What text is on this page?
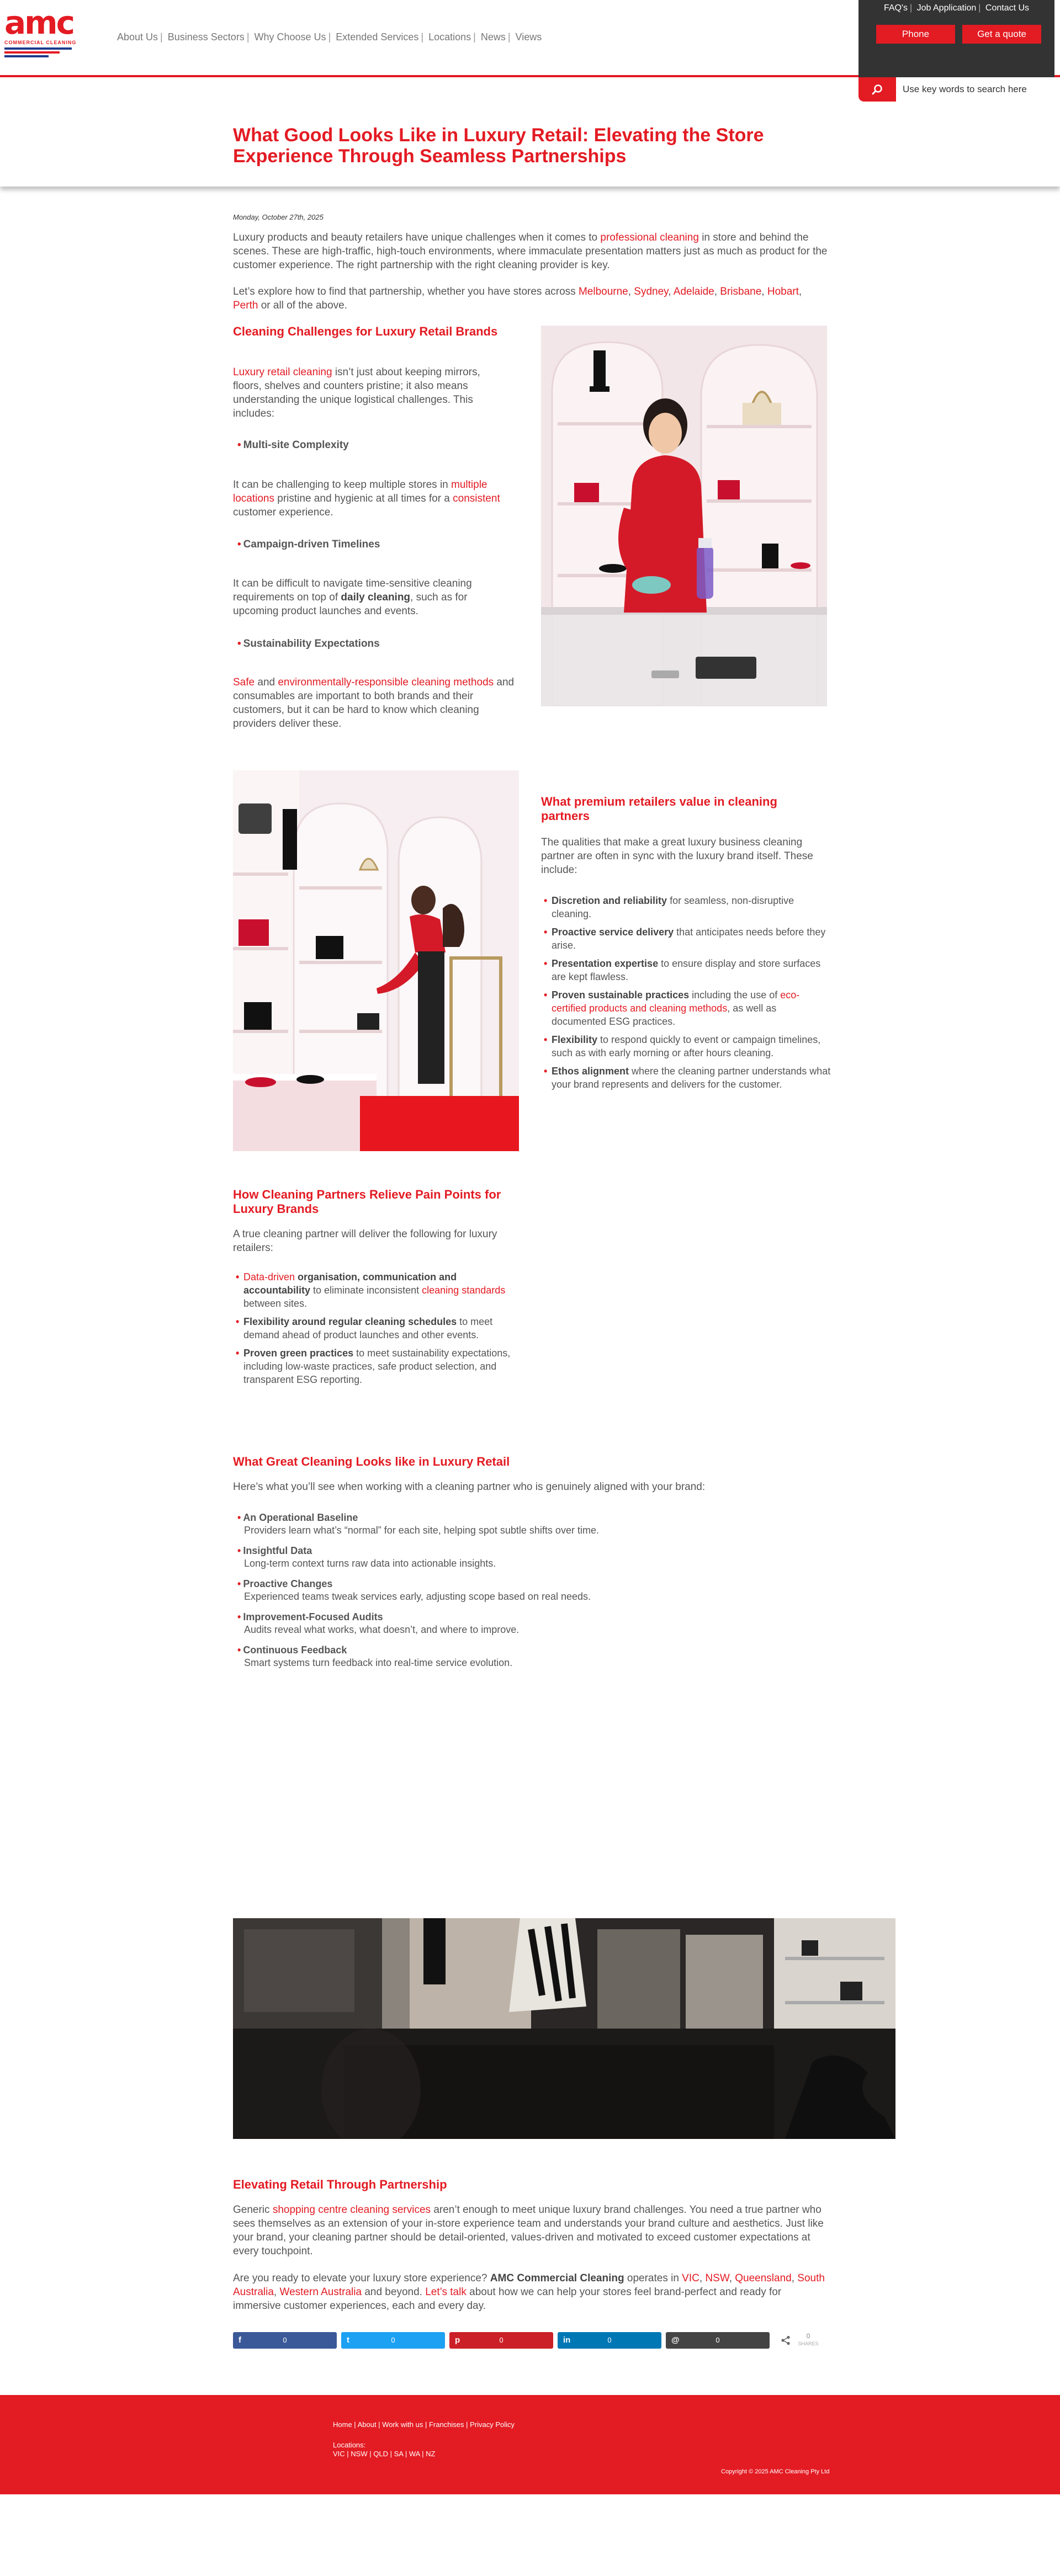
amc
COMMERCIAL CLEANING	About Us | Business Sectors | Why Choose Us | Extended Services | Locations | News | Views
FAQ's | Job Application | Contact Us
Phone	Get a quote
What Good Looks Like in Luxury Retail: Elevating the Store Experience Through Seamless Partnerships
Use key words to search here
Monday, October 27th, 2025
Luxury products and beauty retailers have unique challenges when it comes to professional cleaning in store and behind the scenes. These are high-traffic, high-touch environments, where immaculate presentation matters just as much as product for the customer experience. The right partnership with the right cleaning provider is key.
Let’s explore how to find that partnership, whether you have stores across Melbourne, Sydney, Adelaide, Brisbane, Hobart, Perth or all of the above.
Cleaning Challenges for Luxury Retail Brands
Luxury retail cleaning isn’t just about keeping mirrors, floors, shelves and counters pristine; it also means understanding the unique logistical challenges. This includes:
• Multi-site Complexity
It can be challenging to keep multiple stores in multiple locations pristine and hygienic at all times for a consistent customer experience.
• Campaign-driven Timelines
It can be difficult to navigate time-sensitive cleaning requirements on top of daily cleaning, such as for upcoming product launches and events.
• Sustainability Expectations
Safe and environmentally-responsible cleaning methods and consumables are important to both brands and their customers, but it can be hard to know which cleaning providers deliver these.
What premium retailers value in cleaning partners
The qualities that make a great luxury business cleaning partner are often in sync with the luxury brand itself. These include:
• Discretion and reliability for seamless, non-disruptive cleaning.
• Proactive service delivery that anticipates needs before they arise.
• Presentation expertise to ensure display and store surfaces are kept flawless.
• Proven sustainable practices including the use of eco-certified products and cleaning methods, as well as documented ESG practices.
• Flexibility to respond quickly to event or campaign timelines, such as with early morning or after hours cleaning.
• Ethos alignment where the cleaning partner understands what your brand represents and delivers for the customer.
How Cleaning Partners Relieve Pain Points for Luxury Brands
A true cleaning partner will deliver the following for luxury retailers:
• Data-driven organisation, communication and accountability to eliminate inconsistent cleaning standards between sites.
• Flexibility around regular cleaning schedules to meet demand ahead of product launches and other events.
• Proven green practices to meet sustainability expectations, including low-waste practices, safe product selection, and transparent ESG reporting.
What Great Cleaning Looks like in Luxury Retail
Here’s what you’ll see when working with a cleaning partner who is genuinely aligned with your brand:
• An Operational Baseline
Providers learn what’s “normal” for each site, helping spot subtle shifts over time.
• Insightful Data
Long-term context turns raw data into actionable insights.
• Proactive Changes
Experienced teams tweak services early, adjusting scope based on real needs.
• Improvement-Focused Audits
Audits reveal what works, what doesn’t, and where to improve.
• Continuous Feedback
Smart systems turn feedback into real-time service evolution.
Elevating Retail Through Partnership
Generic shopping centre cleaning services aren’t enough to meet unique luxury brand challenges. You need a true partner who sees themselves as an extension of your in-store experience team and understands your brand culture and aesthetics. Just like your brand, your cleaning partner should be detail-oriented, values-driven and motivated to exceed customer expectations at every touchpoint.
Are you ready to elevate your luxury store experience? AMC Commercial Cleaning operates in VIC, NSW, Queensland, South Australia, Western Australia and beyond. Let’s talk about how we can help your stores feel brand-perfect and ready for immersive customer experiences, each and every day.
f	0	t	0	p	0	in	0	@	0	0
SHARES
Home | About | Work with us | Franchises | Privacy Policy
Locations:
VIC | NSW | QLD | SA | WA | NZ
Copyright © 2025 AMC Cleaning Pty Ltd
